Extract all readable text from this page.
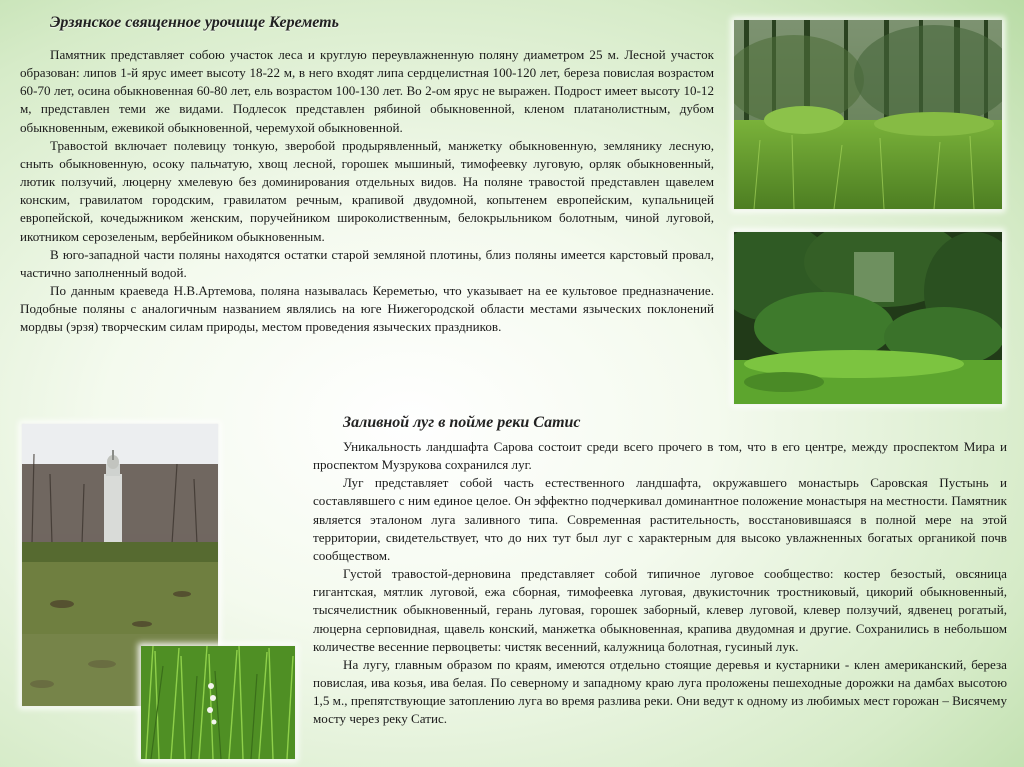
Эрзянское священное урочище Кереметь

Памятник представляет собою участок леса и круглую переувлажненную поляну диаметром 25 м. Лесной участок образован: липов 1-й ярус имеет высоту 18-22 м, в него входят липа сердцелистная 100-120 лет, береза повислая возрастом 60-70 лет, осина обыкновенная 60-80 лет, ель возрастом 100-130 лет. Во 2-ом ярус не выражен. Подрост имеет высоту 10-12 м, представлен теми же видами. Подлесок представлен рябиной обыкновенной, кленом платанолистным, дубом обыкновенным, ежевикой обыкновенной, черемухой обыкновенной.

Травостой включает полевицу тонкую, зверобой продырявленный, манжетку обыкновенную, землянику лесную, сныть обыкновенную, осоку пальчатую, хвощ лесной, горошек мышиный, тимофеевку луговую, орляк обыкновенный, лютик ползучий, люцерну хмелевую без доминирования отдельных видов. На поляне травостой представлен щавелем конским, гравилатом городским, гравилатом речным, крапивой двудомной, копытенем европейским, купальницей европейской, кочедыжником женским, поручейником широколиственным, белокрыльником болотным, чиной луговой, икотником серозеленым, вербейником обыкновенным.

В юго-западной части поляны находятся остатки старой земляной плотины, близ поляны имеется карстовый провал, частично заполненный водой.

По данным краеведа Н.В.Артемова, поляна называлась Кереметью, что указывает на ее культовое предназначение. Подобные поляны с аналогичным названием являлись на юге Нижегородской области местами языческих поклонений мордвы (эрзя) творческим силам природы, местом проведения языческих праздников.

Заливной луг в пойме реки Сатис

Уникальность ландшафта Сарова состоит среди всего прочего в том, что в его центре, между проспектом Мира и проспектом Музрукова сохранился луг.

Луг представляет собой часть естественного ландшафта, окружавшего монастырь Саровская Пустынь и составлявшего с ним единое целое. Он эффектно подчеркивал доминантное положение монастыря на местности. Памятник является эталоном луга заливного типа. Современная растительность, восстановившаяся в полной мере на этой территории, свидетельствует, что до них тут был луг с характерным для высоко увлажненных богатых органикой почв сообществом.

Густой травостой-дерновина представляет собой типичное луговое сообщество: костер безостый, овсяница гигантская, мятлик луговой, ежа сборная, тимофеевка луговая, двукисточник тростниковый, цикорий обыкновенный, тысячелистник обыкновенный, герань луговая, горошек заборный, клевер луговой, клевер ползучий, ядвенец рогатый, люцерна серповидная, щавель конский, манжетка обыкновенная, крапива двудомная и другие. Сохранились в небольшом количестве весенние первоцветы: чистяк весенний, калужница болотная, гусиный лук.

На лугу, главным образом по краям, имеются отдельно стоящие деревья и кустарники - клен американский, береза повислая, ива козья, ива белая. По северному и западному краю луга проложены пешеходные дорожки на дамбах высотою 1,5 м., препятствующие затоплению луга во время разлива реки. Они ведут к одному из любимых мест горожан – Висячему мосту через реку Сатис.
